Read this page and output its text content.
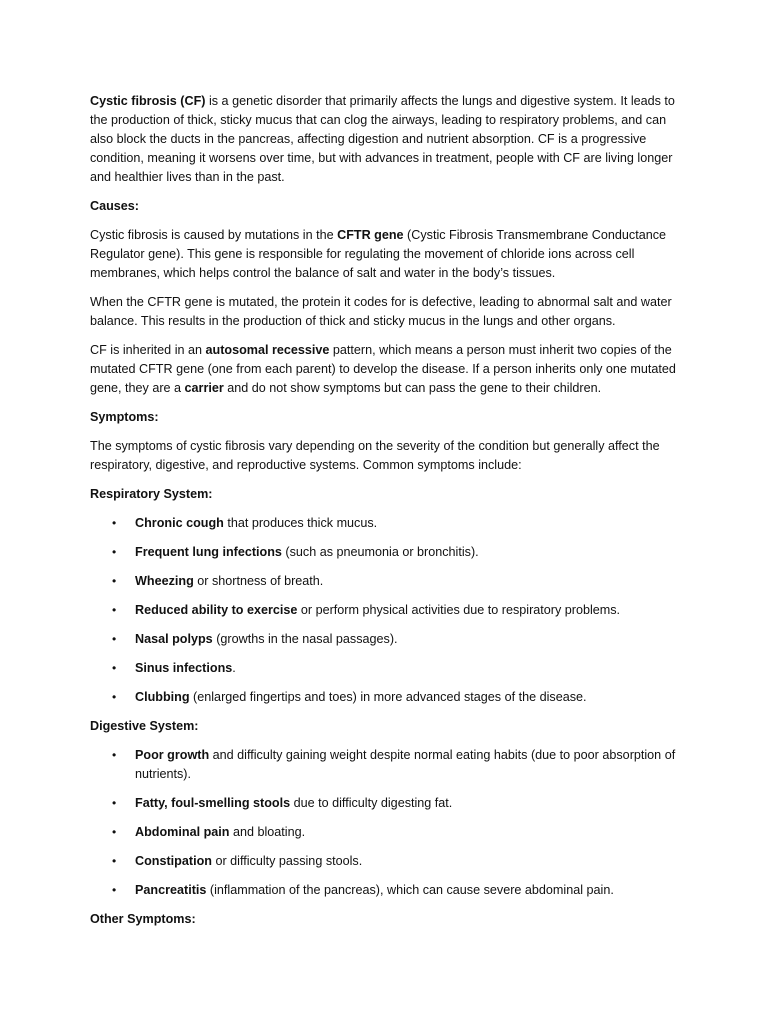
Cystic fibrosis (CF) is a genetic disorder that primarily affects the lungs and digestive system. It leads to the production of thick, sticky mucus that can clog the airways, leading to respiratory problems, and can also block the ducts in the pancreas, affecting digestion and nutrient absorption. CF is a progressive condition, meaning it worsens over time, but with advances in treatment, people with CF are living longer and healthier lives than in the past.

Causes:

Cystic fibrosis is caused by mutations in the CFTR gene (Cystic Fibrosis Transmembrane Conductance Regulator gene). This gene is responsible for regulating the movement of chloride ions across cell membranes, which helps control the balance of salt and water in the body’s tissues.

When the CFTR gene is mutated, the protein it codes for is defective, leading to abnormal salt and water balance. This results in the production of thick and sticky mucus in the lungs and other organs.

CF is inherited in an autosomal recessive pattern, which means a person must inherit two copies of the mutated CFTR gene (one from each parent) to develop the disease. If a person inherits only one mutated gene, they are a carrier and do not show symptoms but can pass the gene to their children.

Symptoms:

The symptoms of cystic fibrosis vary depending on the severity of the condition but generally affect the respiratory, digestive, and reproductive systems. Common symptoms include:

Respiratory System:

• Chronic cough that produces thick mucus.
• Frequent lung infections (such as pneumonia or bronchitis).
• Wheezing or shortness of breath.
• Reduced ability to exercise or perform physical activities due to respiratory problems.
• Nasal polyps (growths in the nasal passages).
• Sinus infections.
• Clubbing (enlarged fingertips and toes) in more advanced stages of the disease.

Digestive System:

• Poor growth and difficulty gaining weight despite normal eating habits (due to poor absorption of nutrients).
• Fatty, foul-smelling stools due to difficulty digesting fat.
• Abdominal pain and bloating.
• Constipation or difficulty passing stools.
• Pancreatitis (inflammation of the pancreas), which can cause severe abdominal pain.

Other Symptoms:
